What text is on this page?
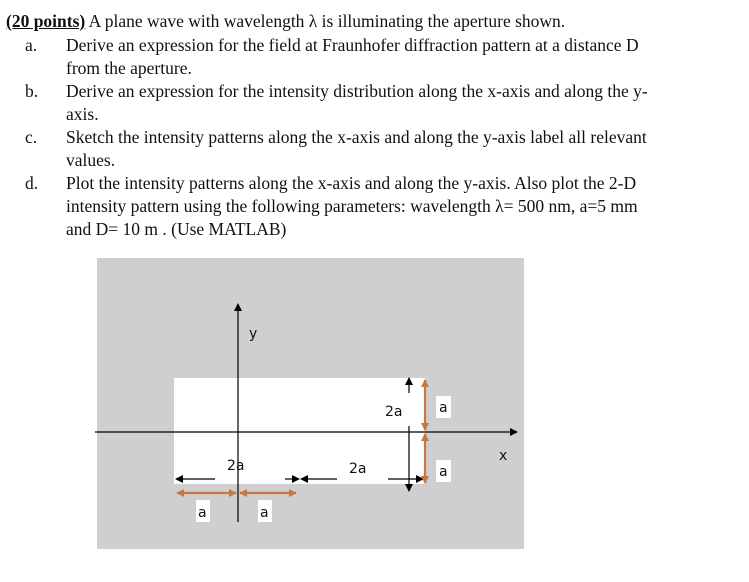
(20 points) A plane wave with wavelength λ is illuminating the aperture shown.
a. Derive an expression for the field at Fraunhofer diffraction pattern at a distance D
from the aperture.
b. Derive an expression for the intensity distribution along the x-axis and along the y-
axis.
c. Sketch the intensity patterns along the x-axis and along the y-axis label all relevant
values.
d. Plot the intensity patterns along the x-axis and along the y-axis. Also plot the 2-D
intensity pattern using the following parameters: wavelength λ= 500 nm, a=5 mm
and D= 10 m . (Use MATLAB)
y
x
2a
2a	2a
a
a
a	a
